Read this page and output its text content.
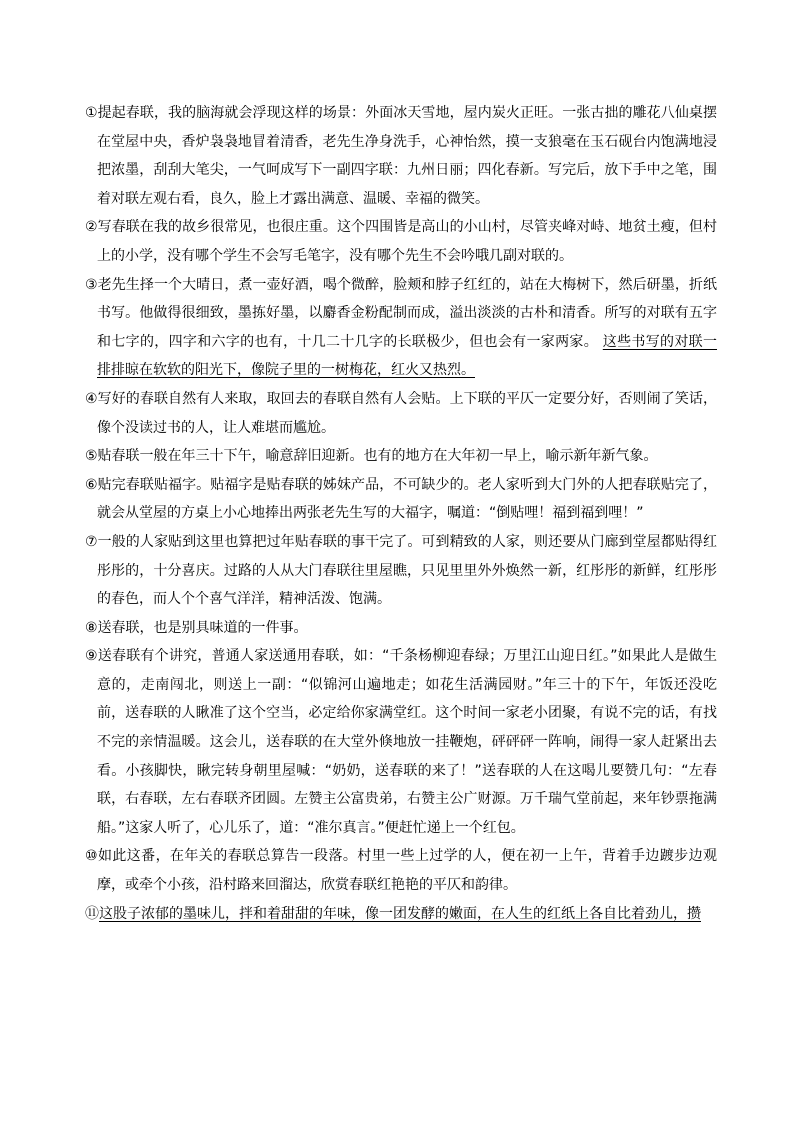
①提起春联，我的脑海就会浮现这样的场景：外面冰天雪地，屋内炭火正旺。一张古拙的雕花八仙桌摆在堂屋中央，香炉袅袅地冒着清香，老先生净身洗手，心神怡然，摸一支狼毫在玉石砚台内饱满地浸把浓墨，刮刮大笔尖，一气呵成写下一副四字联：九州日丽；四化春新。写完后，放下手中之笔，围着对联左观右看，良久，脸上才露出满意、温暖、幸福的微笑。

②写春联在我的故乡很常见，也很庄重。这个四围皆是高山的小山村，尽管夹峰对峙、地贫土瘦，但村上的小学，没有哪个学生不会写毛笔字，没有哪个先生不会吟哦几副对联的。

③老先生择一个大晴日，煮一壶好酒，喝个微醉，脸颊和脖子红红的，站在大梅树下，然后研墨，折纸书写。他做得很细致，墨拣好墨，以麝香金粉配制而成，溢出淡淡的古朴和清香。所写的对联有五字和七字的，四字和六字的也有，十几二十几字的长联极少，但也会有一家两家。 这些书写的对联一排排晾在软软的阳光下，像院子里的一树梅花，红火又热烈。

④写好的春联自然有人来取，取回去的春联自然有人会贴。上下联的平仄一定要分好，否则闹了笑话，像个没读过书的人，让人难堪而尴尬。

⑤贴春联一般在年三十下午，喻意辞旧迎新。也有的地方在大年初一早上，喻示新年新气象。

⑥贴完春联贴福字。贴福字是贴春联的姊妹产品，不可缺少的。老人家听到大门外的人把春联贴完了，就会从堂屋的方桌上小心地捧出两张老先生写的大福字，嘱道：“倒贴哩！福到福到哩！”

⑦一般的人家贴到这里也算把过年贴春联的事干完了。可到精致的人家，则还要从门廊到堂屋都贴得红彤彤的，十分喜庆。过路的人从大门春联往里屋瞧，只见里里外外焕然一新，红彤彤的新鲜，红彤彤的春色，而人个个喜气洋洋，精神活泼、饱满。

⑧送春联，也是别具味道的一件事。

⑨送春联有个讲究，普通人家送通用春联，如：“千条杨柳迎春绿；万里江山迎日红。”如果此人是做生意的，走南闯北，则送上一副：“似锦河山遍地走；如花生活满园财。”年三十的下午，年饭还没吃前，送春联的人瞅准了这个空当，必定给你家满堂红。这个时间一家老小团聚，有说不完的话，有找不完的亲情温暖。这会儿，送春联的在大堂外倏地放一挂鞭炮，砰砰砰一阵响，闹得一家人赶紧出去看。小孩脚快，瞅完转身朝里屋喊：“奶奶，送春联的来了！”送春联的人在这喝儿要赞几句：“左春联，右春联，左右春联齐团圆。左赞主公富贵弟，右赞主公广财源。万千瑞气堂前起，来年钞票拖满船。”这家人听了，心儿乐了，道：“准尔真言。”便赶忙递上一个红包。

⑩如此这番，在年关的春联总算告一段落。村里一些上过学的人，便在初一上午，背着手边踱步边观摩，或牵个小孩，沿村路来回溜达，欣赏春联红艳艳的平仄和韵律。

⑪这股子浓郁的墨味儿，拌和着甜甜的年味，像一团发酵的嫩面，在人生的红纸上各自比着劲儿，攒
